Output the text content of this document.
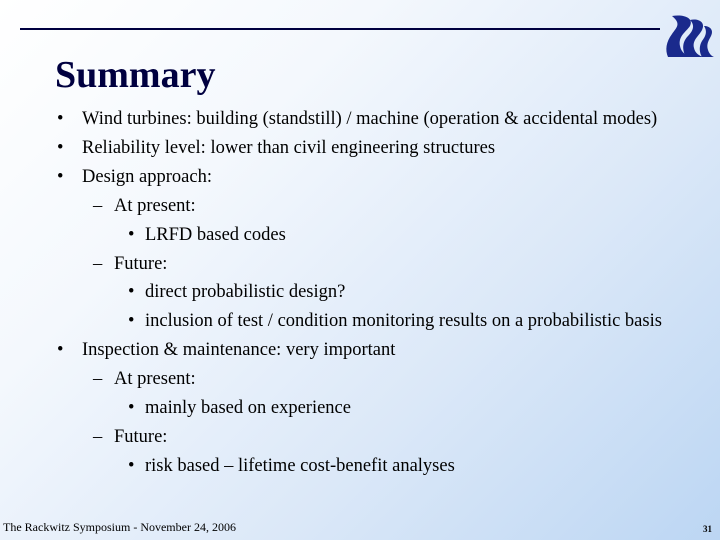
Summary
• Wind turbines: building (standstill) / machine (operation & accidental modes)
• Reliability level: lower than civil engineering structures
• Design approach:
– At present:
• LRFD based codes
– Future:
• direct probabilistic design?
• inclusion of test / condition monitoring results on a probabilistic basis
• Inspection & maintenance: very important
– At present:
• mainly based on experience
– Future:
• risk based – lifetime cost-benefit analyses
The Rackwitz Symposium - November 24, 2006	31
